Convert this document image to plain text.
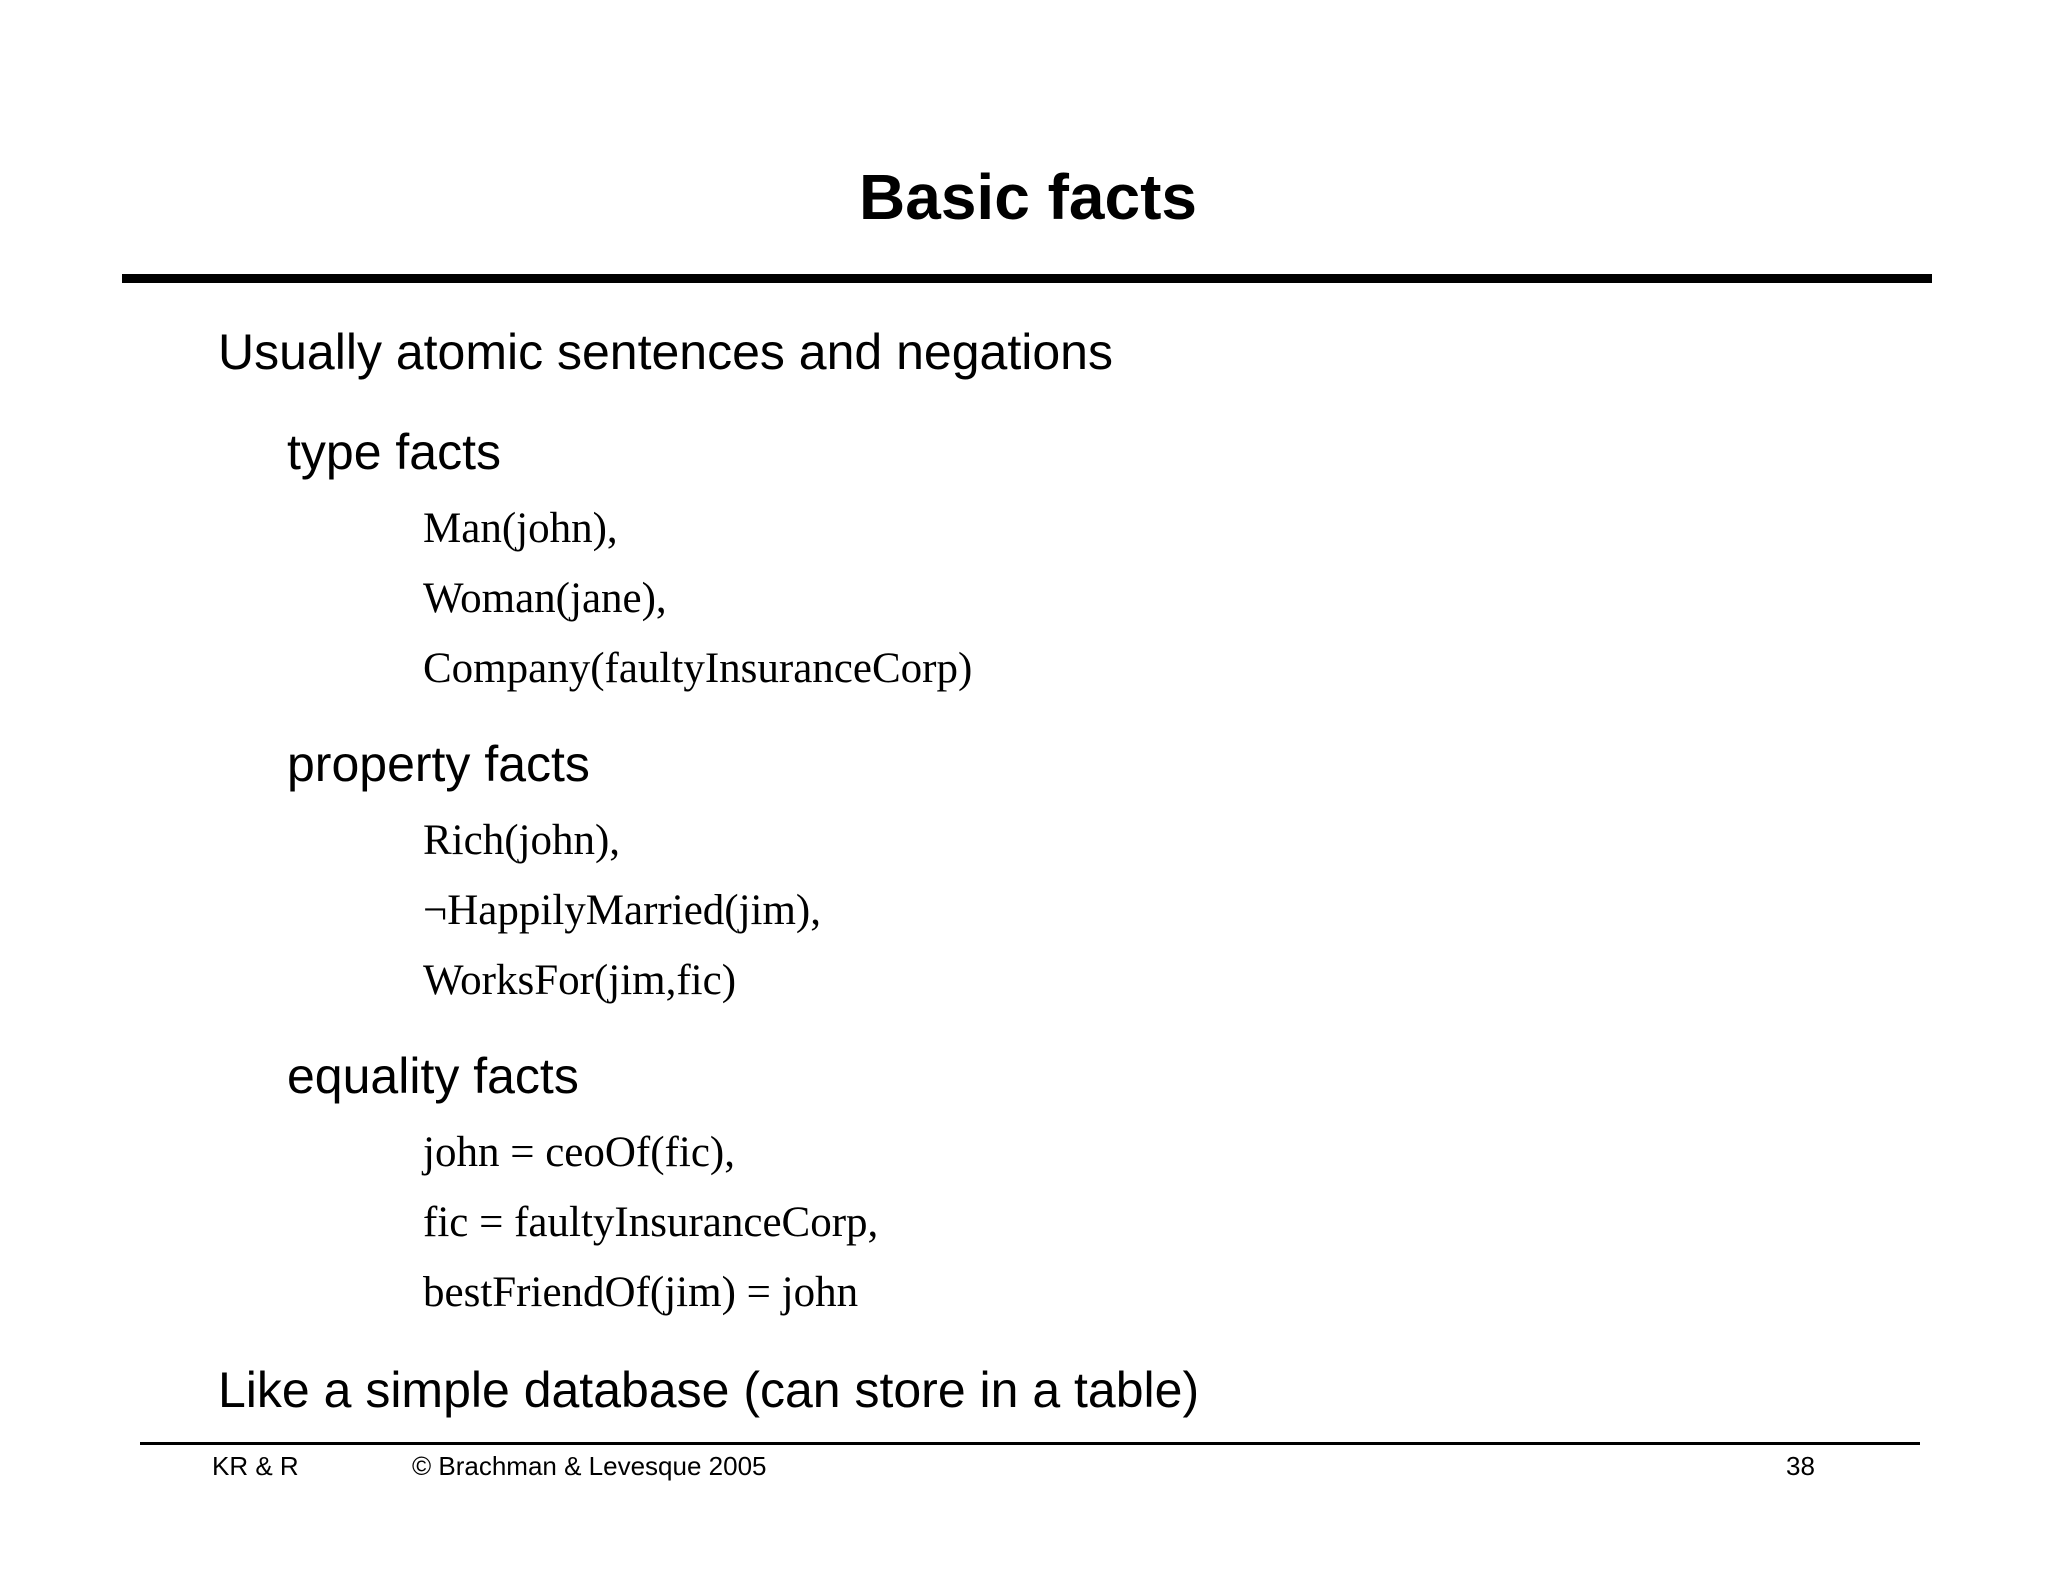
Basic facts
Usually atomic sentences and negations
type facts
Man(john),
Woman(jane),
Company(faultyInsuranceCorp)
property facts
Rich(john),
¬HappilyMarried(jim),
WorksFor(jim,fic)
equality facts
john = ceoOf(fic),
fic = faultyInsuranceCorp,
bestFriendOf(jim) = john
Like a simple database (can store in a table)
KR & R	© Brachman & Levesque 2005	38
